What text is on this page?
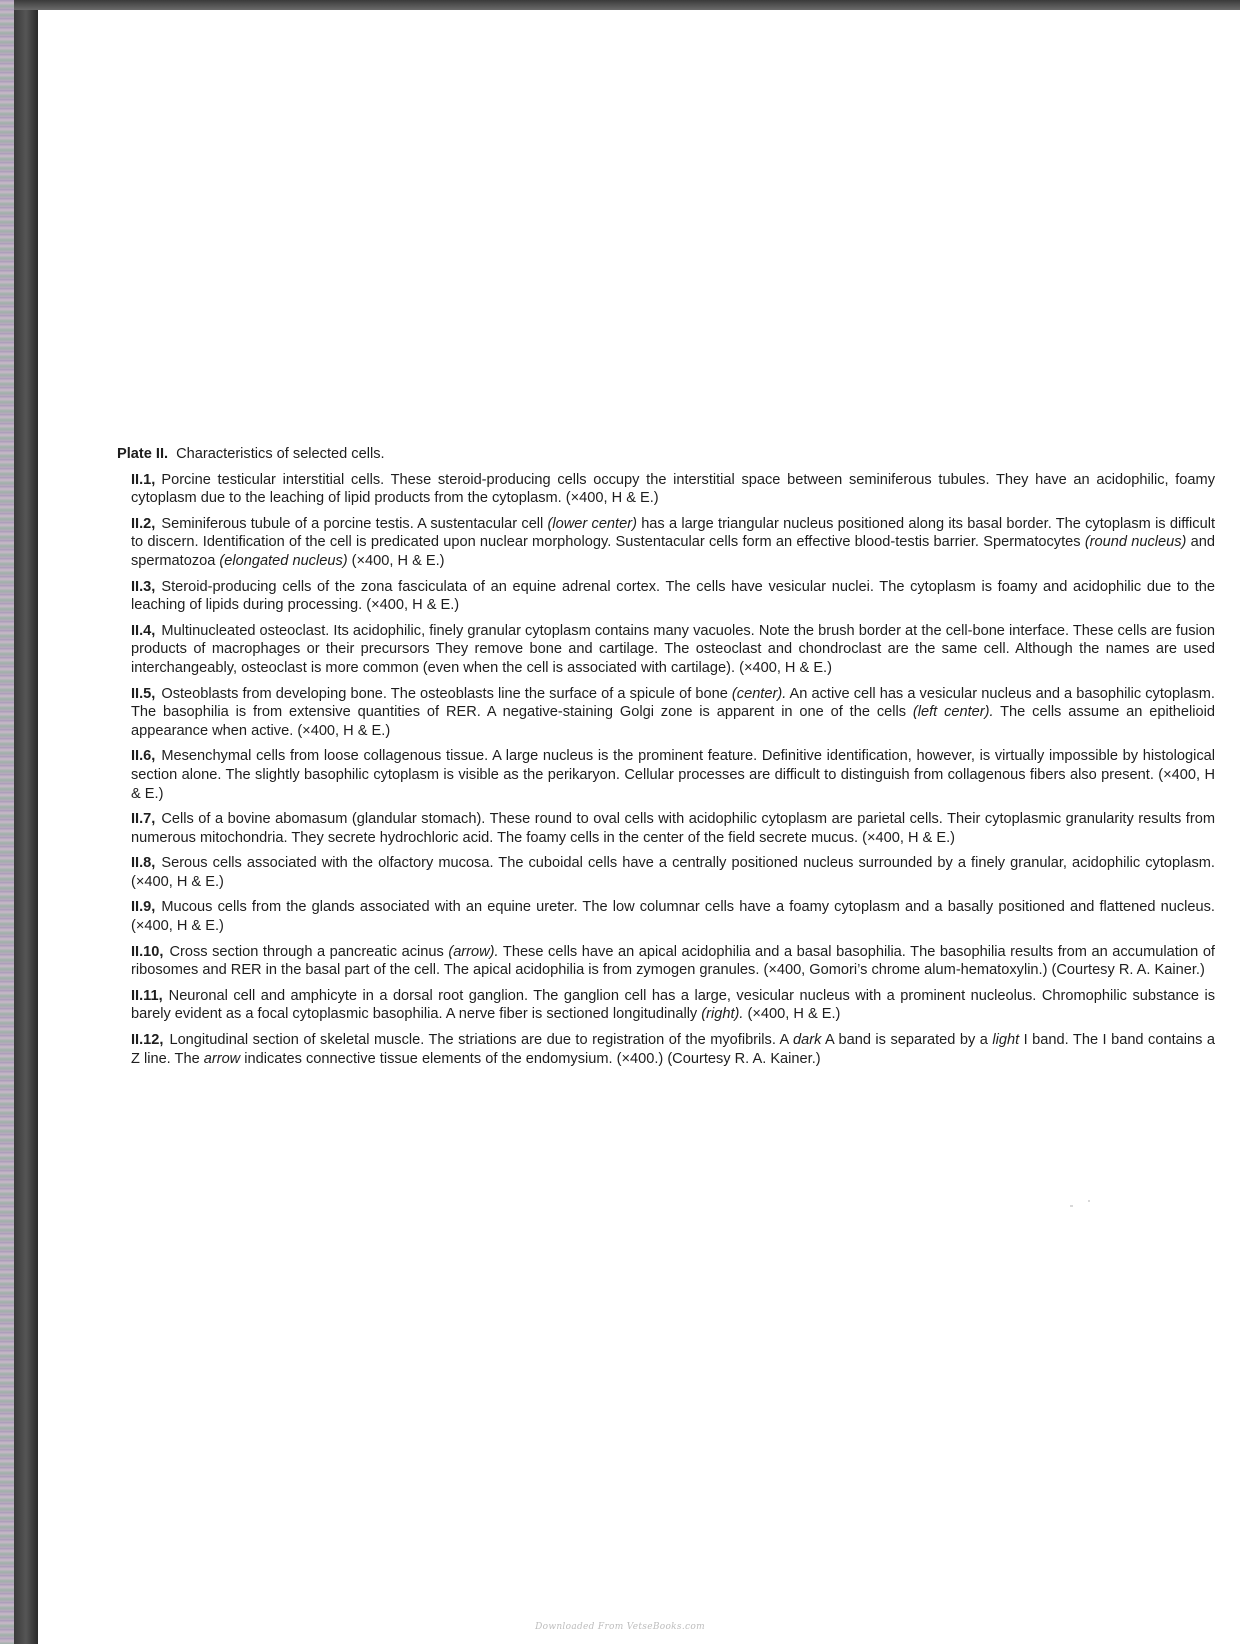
Plate II. Characteristics of selected cells.

II.1, Porcine testicular interstitial cells. These steroid-producing cells occupy the interstitial space between seminiferous tubules. They have an acidophilic, foamy cytoplasm due to the leaching of lipid products from the cytoplasm. (×400, H & E.)

II.2, Seminiferous tubule of a porcine testis. A sustentacular cell (lower center) has a large triangular nucleus positioned along its basal border. The cytoplasm is difficult to discern. Identification of the cell is predicated upon nuclear morphology. Sustentacular cells form an effective blood-testis barrier. Spermatocytes (round nucleus) and spermatozoa (elongated nucleus) (×400, H & E.)

II.3, Steroid-producing cells of the zona fasciculata of an equine adrenal cortex. The cells have vesicular nuclei. The cytoplasm is foamy and acidophilic due to the leaching of lipids during processing. (×400, H & E.)

II.4, Multinucleated osteoclast. Its acidophilic, finely granular cytoplasm contains many vacuoles. Note the brush border at the cell-bone interface. These cells are fusion products of macrophages or their precursors They remove bone and cartilage. The osteoclast and chondroclast are the same cell. Although the names are used interchangeably, osteoclast is more common (even when the cell is associated with cartilage). (×400, H & E.)

II.5, Osteoblasts from developing bone. The osteoblasts line the surface of a spicule of bone (center). An active cell has a vesicular nucleus and a basophilic cytoplasm. The basophilia is from extensive quantities of RER. A negative-staining Golgi zone is apparent in one of the cells (left center). The cells assume an epithelioid appearance when active. (×400, H & E.)

II.6, Mesenchymal cells from loose collagenous tissue. A large nucleus is the prominent feature. Definitive identification, however, is virtually impossible by histological section alone. The slightly basophilic cytoplasm is visible as the perikaryon. Cellular processes are difficult to distinguish from collagenous fibers also present. (×400, H & E.)

II.7, Cells of a bovine abomasum (glandular stomach). These round to oval cells with acidophilic cytoplasm are parietal cells. Their cytoplasmic granularity results from numerous mitochondria. They secrete hydrochloric acid. The foamy cells in the center of the field secrete mucus. (×400, H & E.)

II.8, Serous cells associated with the olfactory mucosa. The cuboidal cells have a centrally positioned nucleus surrounded by a finely granular, acidophilic cytoplasm. (×400, H & E.)

II.9, Mucous cells from the glands associated with an equine ureter. The low columnar cells have a foamy cytoplasm and a basally positioned and flattened nucleus. (×400, H & E.)

II.10, Cross section through a pancreatic acinus (arrow). These cells have an apical acidophilia and a basal basophilia. The basophilia results from an accumulation of ribosomes and RER in the basal part of the cell. The apical acidophilia is from zymogen granules. (×400, Gomori’s chrome alum-hematoxylin.) (Courtesy R. A. Kainer.)

II.11, Neuronal cell and amphicyte in a dorsal root ganglion. The ganglion cell has a large, vesicular nucleus with a prominent nucleolus. Chromophilic substance is barely evident as a focal cytoplasmic basophilia. A nerve fiber is sectioned longitudinally (right). (×400, H & E.)

II.12, Longitudinal section of skeletal muscle. The striations are due to registration of the myofibrils. A dark A band is separated by a light I band. The I band contains a Z line. The arrow indicates connective tissue elements of the endomysium. (×400.) (Courtesy R. A. Kainer.)

Downloaded From VetseBooks.com
